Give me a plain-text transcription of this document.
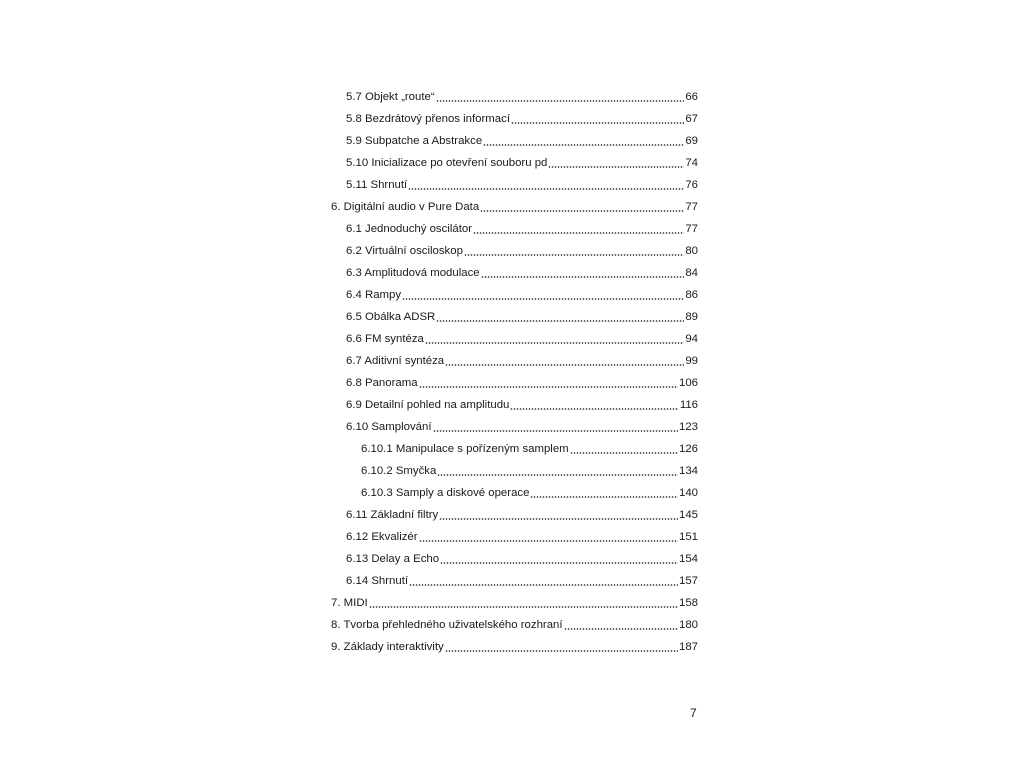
5.7 Objekt „route“	66
5.8 Bezdrátový přenos informací	67
5.9 Subpatche a Abstrakce	69
5.10 Inicializace po otevření souboru pd	74
5.11 Shrnutí	76
6. Digitální audio v Pure Data	77
6.1 Jednoduchý oscilátor	77
6.2 Virtuální osciloskop	80
6.3 Amplitudová modulace	84
6.4 Rampy	86
6.5 Obálka ADSR	89
6.6 FM syntéza	94
6.7 Aditivní syntéza	99
6.8 Panorama	106
6.9 Detailní pohled na amplitudu	116
6.10 Samplování	123
6.10.1 Manipulace s pořízeným samplem	126
6.10.2 Smyčka	134
6.10.3 Samply a diskové operace	140
6.11 Základní filtry	145
6.12 Ekvalizér	151
6.13 Delay a Echo	154
6.14 Shrnutí	157
7. MIDI	158
8. Tvorba přehledného uživatelského rozhraní	180
9. Základy interaktivity	187
7
